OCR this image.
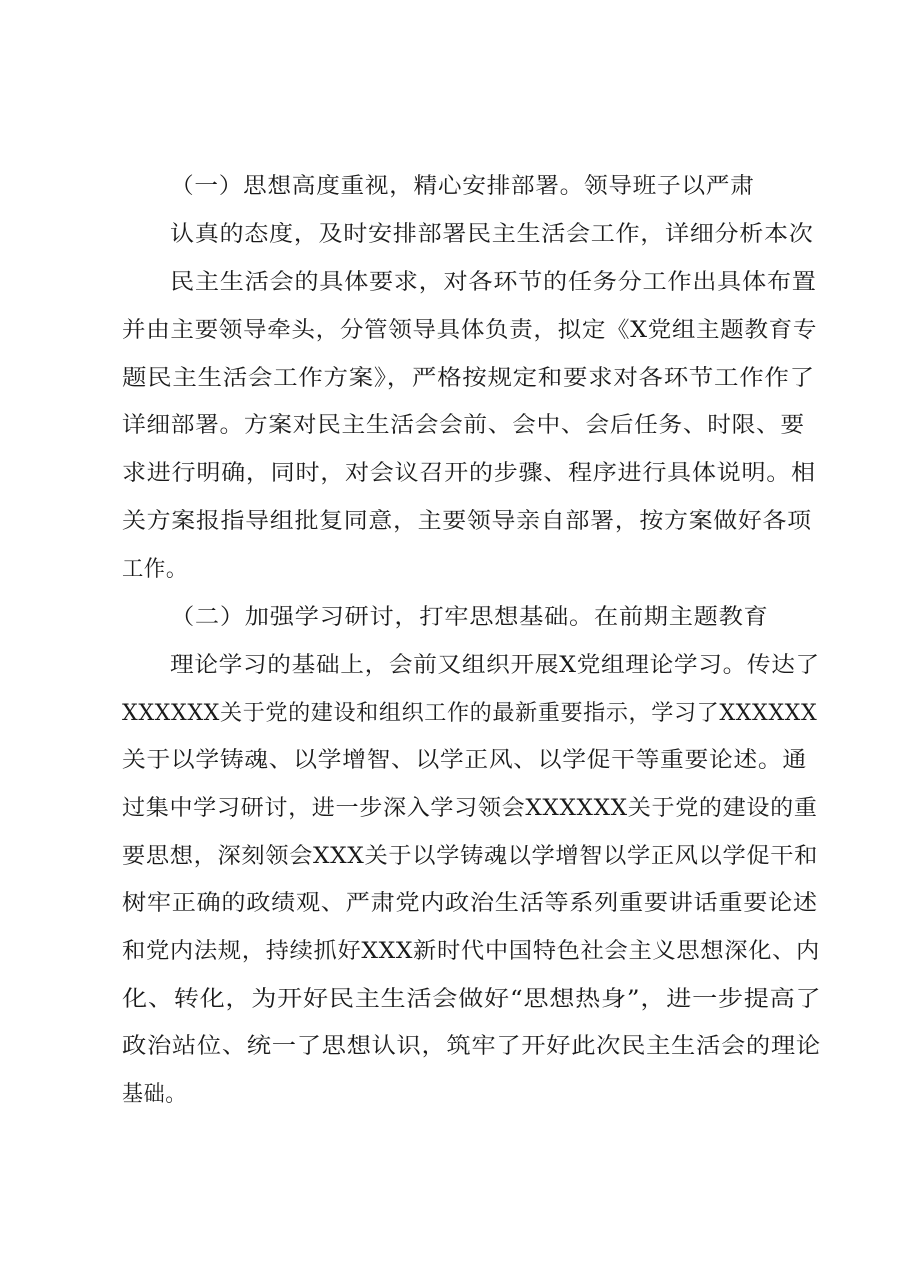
（一）思想高度重视，精心安排部署。领导班子以严肃
认真的态度，及时安排部署民主生活会工作，详细分析本次
民主生活会的具体要求，对各环节的任务分工作出具体布置
并由主要领导牵头，分管领导具体负责，拟定《X党组主题教育专
题民主生活会工作方案》，严格按规定和要求对各环节工作作了
详细部署。方案对民主生活会会前、会中、会后任务、时限、要
求进行明确，同时，对会议召开的步骤、程序进行具体说明。相
关方案报指导组批复同意，主要领导亲自部署，按方案做好各项
工作。
（二）加强学习研讨，打牢思想基础。在前期主题教育
理论学习的基础上，会前又组织开展X党组理论学习。传达了
XXXXXX关于党的建设和组织工作的最新重要指示，学习了XXXXXX
关于以学铸魂、以学增智、以学正风、以学促干等重要论述。通
过集中学习研讨，进一步深入学习领会XXXXXX关于党的建设的重
要思想，深刻领会XXX关于以学铸魂以学增智以学正风以学促干和
树牢正确的政绩观、严肃党内政治生活等系列重要讲话重要论述
和党内法规，持续抓好XXX新时代中国特色社会主义思想深化、内
化、转化，为开好民主生活会做好“思想热身”，进一步提高了
政治站位、统一了思想认识，筑牢了开好此次民主生活会的理论
基础。
